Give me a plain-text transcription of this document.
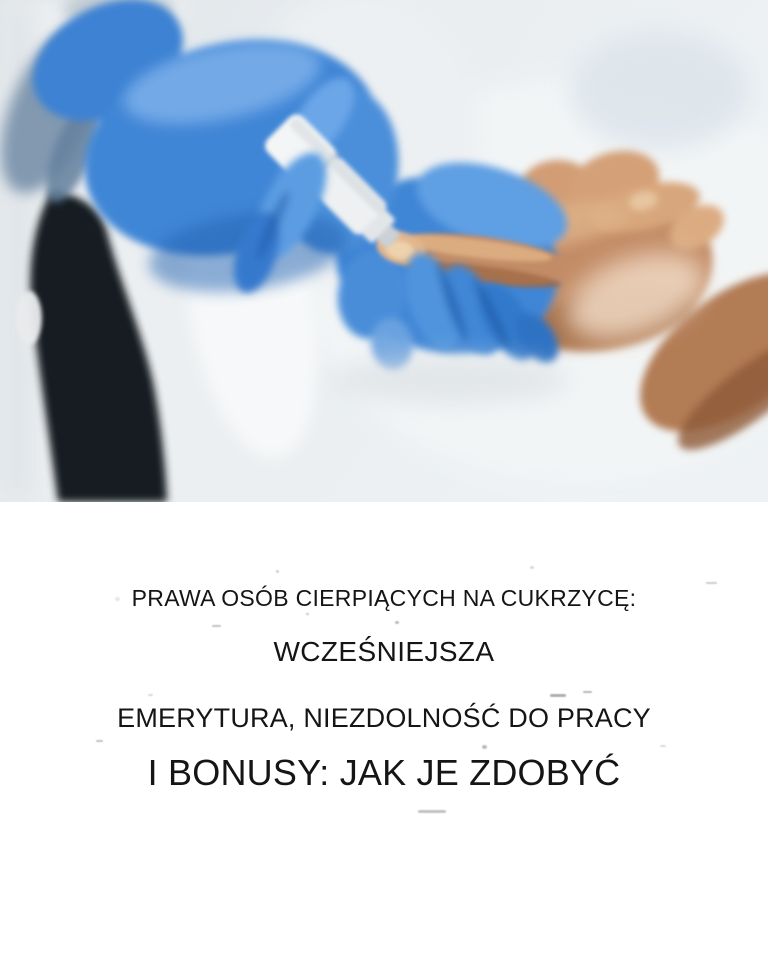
PRAWA OSÓB CIERPIĄCYCH NA CUKRZYCĘ:
WCZEŚNIEJSZA
EMERYTURA, NIEZDOLNOŚĆ DO PRACY
I BONUSY: JAK JE ZDOBYĆ
